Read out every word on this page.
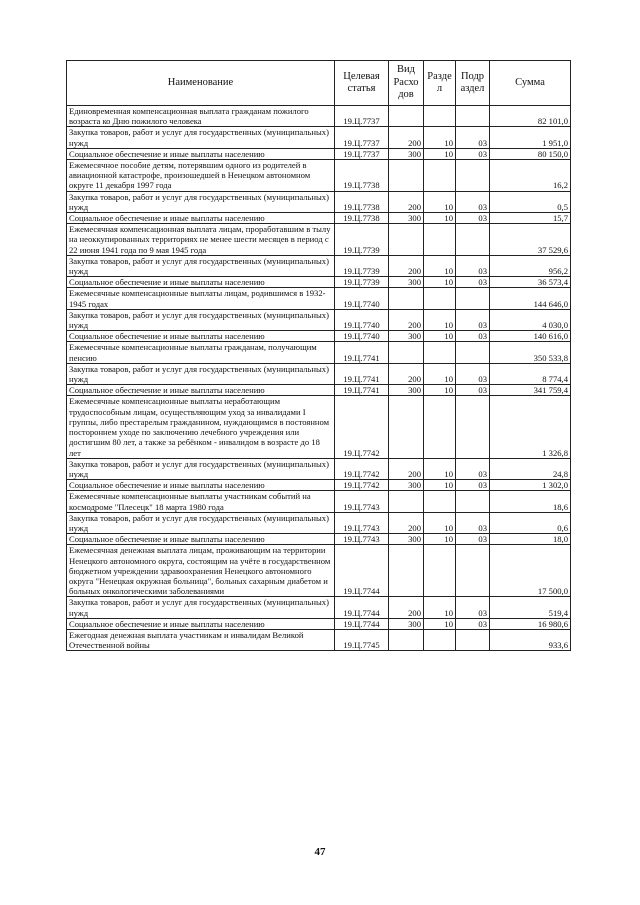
Наименование	Целевая статья	Вид Расхо дов	Разде л	Подр аздел	Сумма
Единовременная компенсационная выплата гражданам пожилого возраста ко Дню пожилого человека	19.Ц.7737				82 101,0
Закупка товаров, работ и услуг для государственных (муниципальных) нужд	19.Ц.7737	200	10	03	1 951,0
Социальное обеспечение и иные выплаты населению	19.Ц.7737	300	10	03	80 150,0
Ежемесячное пособие детям, потерявшим одного из родителей в авиационной катастрофе, произошедшей в Ненецком автономном округе 11 декабря 1997 года	19.Ц.7738				16,2
Закупка товаров, работ и услуг для государственных (муниципальных) нужд	19.Ц.7738	200	10	03	0,5
Социальное обеспечение и иные выплаты населению	19.Ц.7738	300	10	03	15,7
Ежемесячная компенсационная выплата лицам, проработавшим в тылу на неоккупированных территориях не менее шести месяцев в период с 22 июня 1941 года по 9 мая 1945 года	19.Ц.7739				37 529,6
Закупка товаров, работ и услуг для государственных (муниципальных) нужд	19.Ц.7739	200	10	03	956,2
Социальное обеспечение и иные выплаты населению	19.Ц.7739	300	10	03	36 573,4
Ежемесячные компенсационные выплаты лицам, родившимся в 1932-1945 годах	19.Ц.7740				144 646,0
Закупка товаров, работ и услуг для государственных (муниципальных) нужд	19.Ц.7740	200	10	03	4 030,0
Социальное обеспечение и иные выплаты населению	19.Ц.7740	300	10	03	140 616,0
Ежемесячные компенсационные выплаты гражданам, получающим пенсию	19.Ц.7741				350 533,8
Закупка товаров, работ и услуг для государственных (муниципальных) нужд	19.Ц.7741	200	10	03	8 774,4
Социальное обеспечение и иные выплаты населению	19.Ц.7741	300	10	03	341 759,4
Ежемесячные компенсационные выплаты неработающим трудоспособным лицам, осуществляющим уход за инвалидами I группы, либо престарелым гражданином, нуждающимся в постоянном постороннем уходе по заключению лечебного учреждения или достигшим 80 лет, а также за ребёнком - инвалидом в возрасте до 18 лет	19.Ц.7742				1 326,8
Закупка товаров, работ и услуг для государственных (муниципальных) нужд	19.Ц.7742	200	10	03	24,8
Социальное обеспечение и иные выплаты населению	19.Ц.7742	300	10	03	1 302,0
Ежемесячные компенсационные выплаты участникам событий на космодроме "Плесецк" 18 марта 1980 года	19.Ц.7743				18,6
Закупка товаров, работ и услуг для государственных (муниципальных) нужд	19.Ц.7743	200	10	03	0,6
Социальное обеспечение и иные выплаты населению	19.Ц.7743	300	10	03	18,0
Ежемесячная денежная выплата лицам, проживающим на территории Ненецкого автономного округа, состоящим на учёте в государственном бюджетном учреждении здравоохранения Ненецкого автономного округа "Ненецкая окружная больница", больных сахарным диабетом и больных онкологическими заболеваниями	19.Ц.7744				17 500,0
Закупка товаров, работ и услуг для государственных (муниципальных) нужд	19.Ц.7744	200	10	03	519,4
Социальное обеспечение и иные выплаты населению	19.Ц.7744	300	10	03	16 980,6
Ежегодная денежная выплата участникам и инвалидам Великой Отечественной войны	19.Ц.7745				933,6
47
